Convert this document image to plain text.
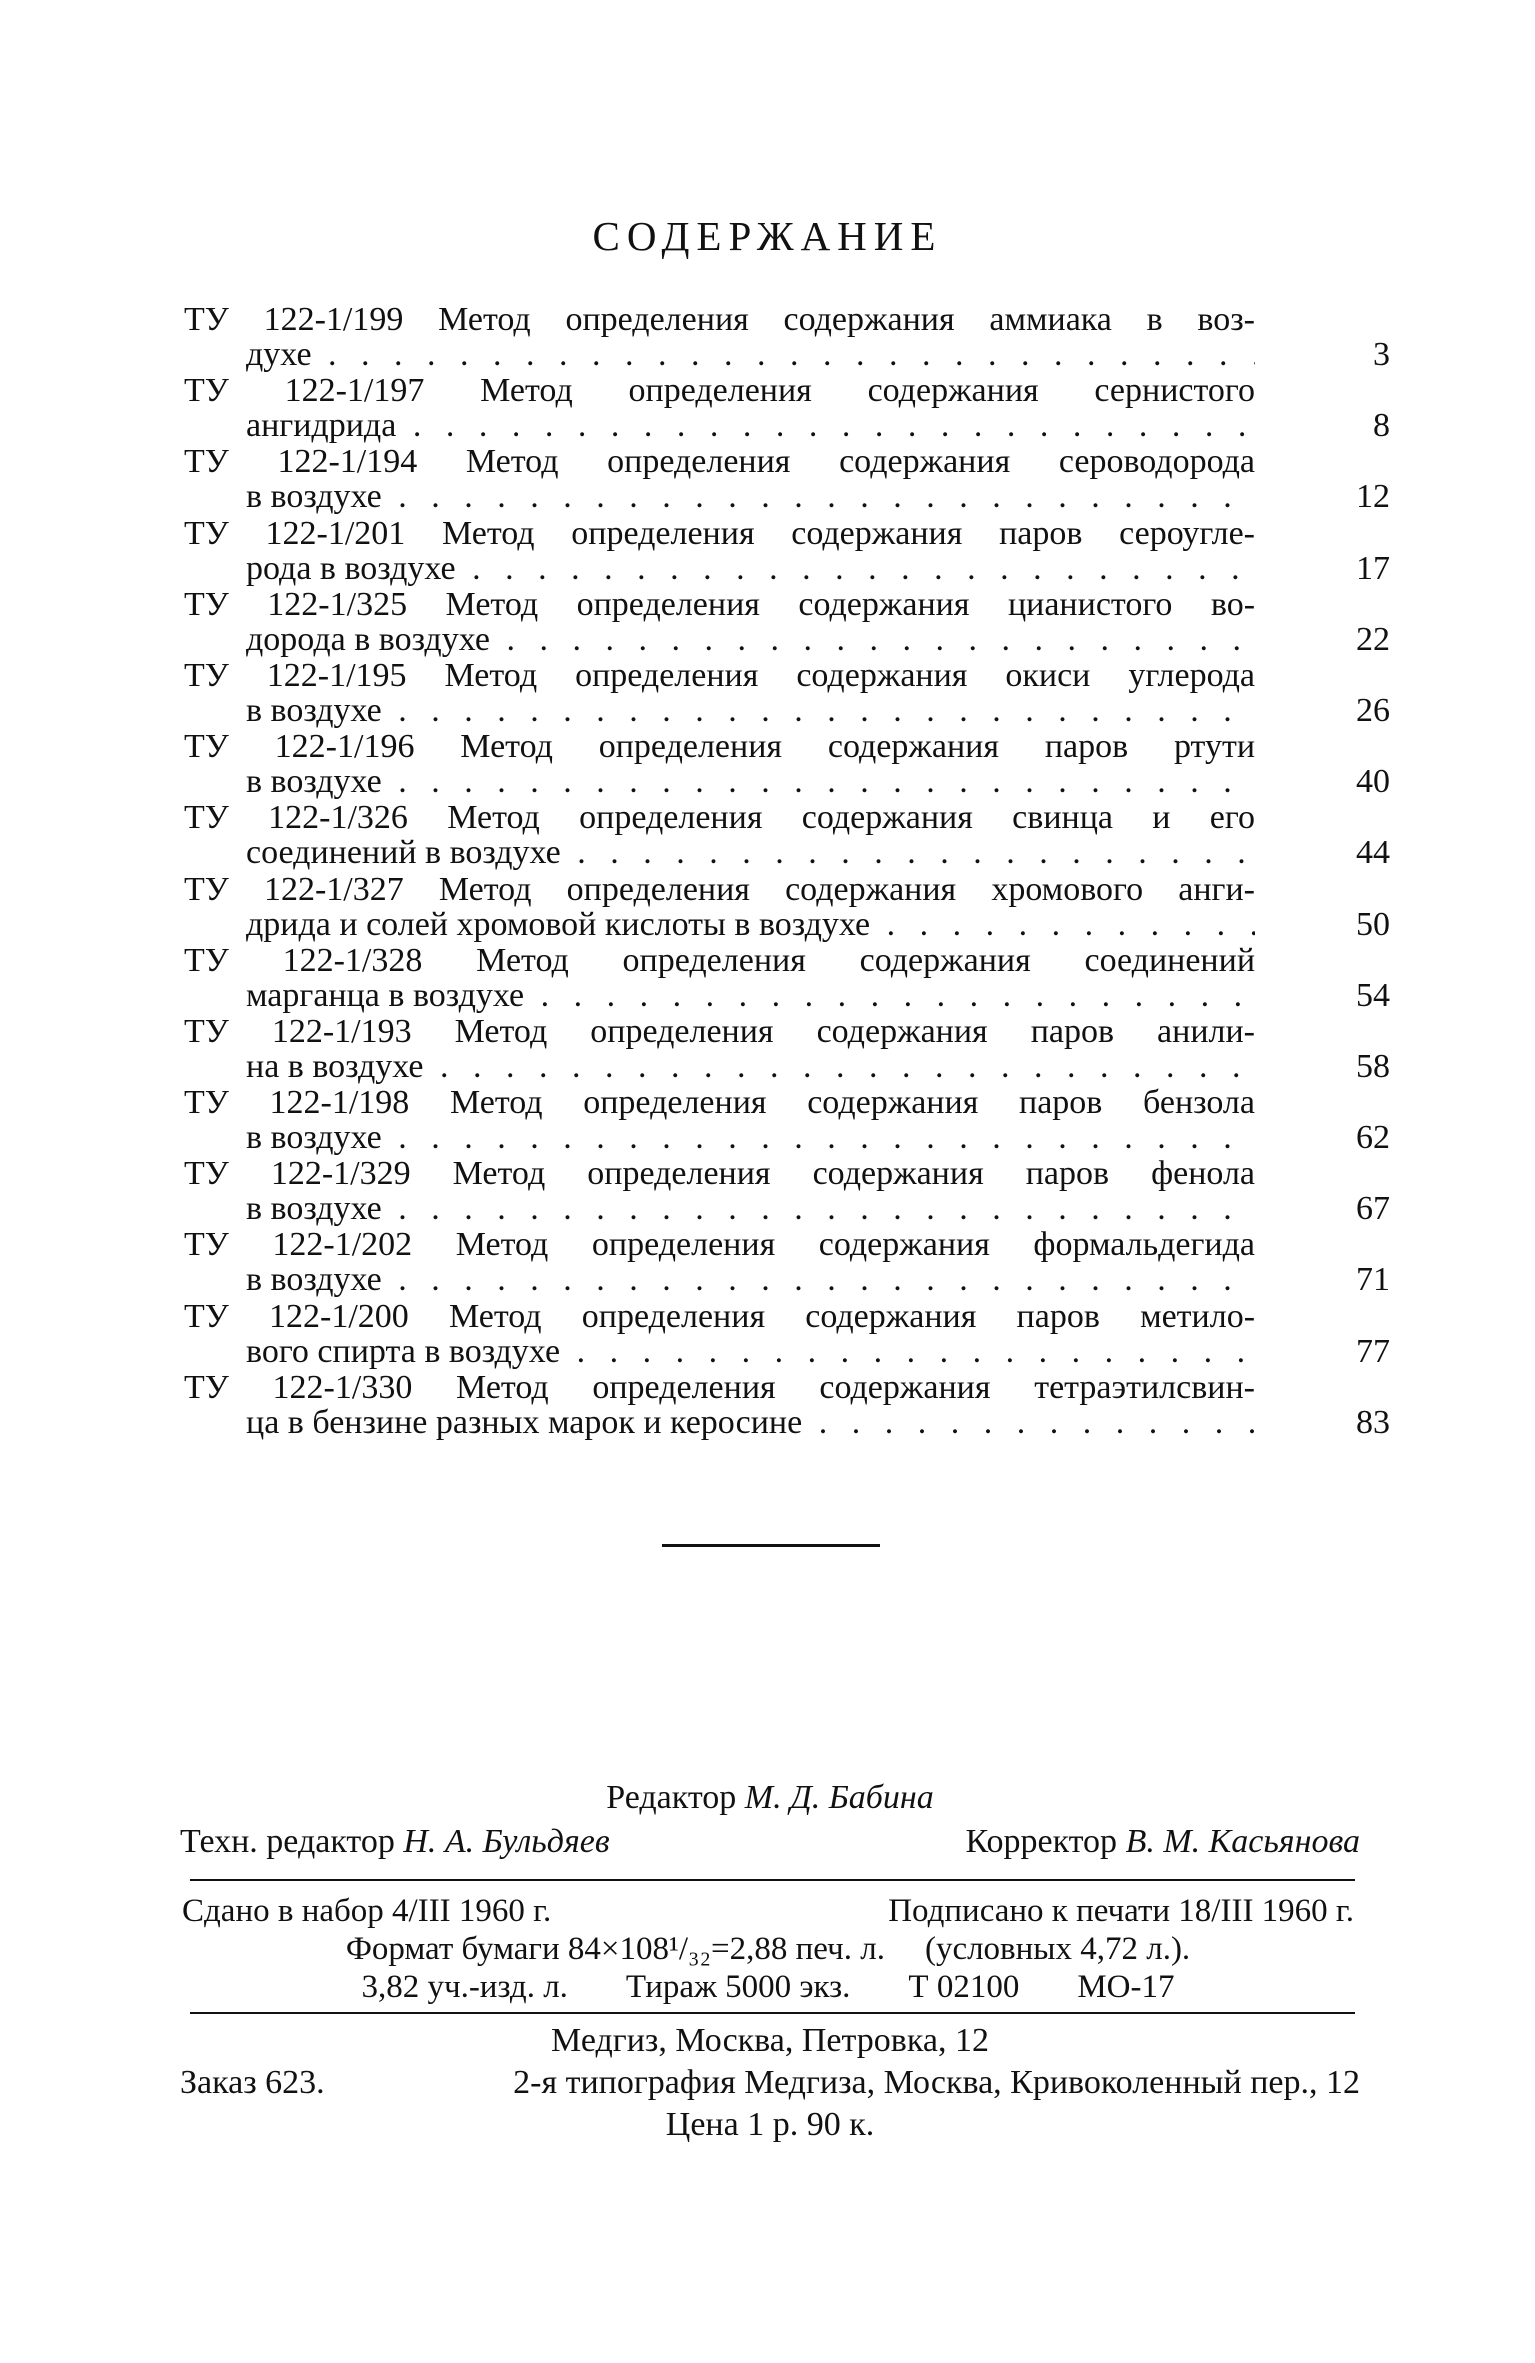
СОДЕРЖАНИЕ
ТУ 122-1/199 Метод определения содержания аммиака в воз-
духе . . .	3
ТУ 122-1/197 Метод определения содержания сернистого
ангидрида . . .	8
ТУ 122-1/194 Метод определения содержания сероводорода
в воздухе . . .	12
ТУ 122-1/201 Метод определения содержания паров сероугле-
рода в воздухе . . .	17
ТУ 122-1/325 Метод определения содержания цианистого во-
дорода в воздухе . . .	22
ТУ 122-1/195 Метод определения содержания окиси углерода
в воздухе . . .	26
ТУ 122-1/196 Метод определения содержания паров ртути
в воздухе . . .	40
ТУ 122-1/326 Метод определения содержания свинца и его
соединений в воздухе . . .	44
ТУ 122-1/327 Метод определения содержания хромового анги-
дрида и солей хромовой кислоты в воздухе . . .	50
ТУ 122-1/328 Метод определения содержания соединений
марганца в воздухе . . .	54
ТУ 122-1/193 Метод определения содержания паров анили-
на в воздухе . . .	58
ТУ 122-1/198 Метод определения содержания паров бензола
в воздухе . . .	62
ТУ 122-1/329 Метод определения содержания паров фенола
в воздухе . . .	67
ТУ 122-1/202 Метод определения содержания формальдегида
в воздухе . . .	71
ТУ 122-1/200 Метод определения содержания паров метило-
вого спирта в воздухе . . .	77
ТУ 122-1/330 Метод определения содержания тетраэтилсвин-
ца в бензине разных марок и керосине . . .	83
Редактор М. Д. Бабина
Техн. редактор Н. А. Бульдяев	Корректор В. М. Касьянова
Сдано в набор 4/III 1960 г.	Подписано к печати 18/III 1960 г.
Формат бумаги 84×108¹/₃₂=2,88 печ. л. (условных 4,72 л.).
3,82 уч.-изд. л. Тираж 5000 экз. Т 02100 МО-17
Медгиз, Москва, Петровка, 12
Заказ 623.	2-я типография Медгиза, Москва, Кривоколенный пер., 12
Цена 1 р. 90 к.
